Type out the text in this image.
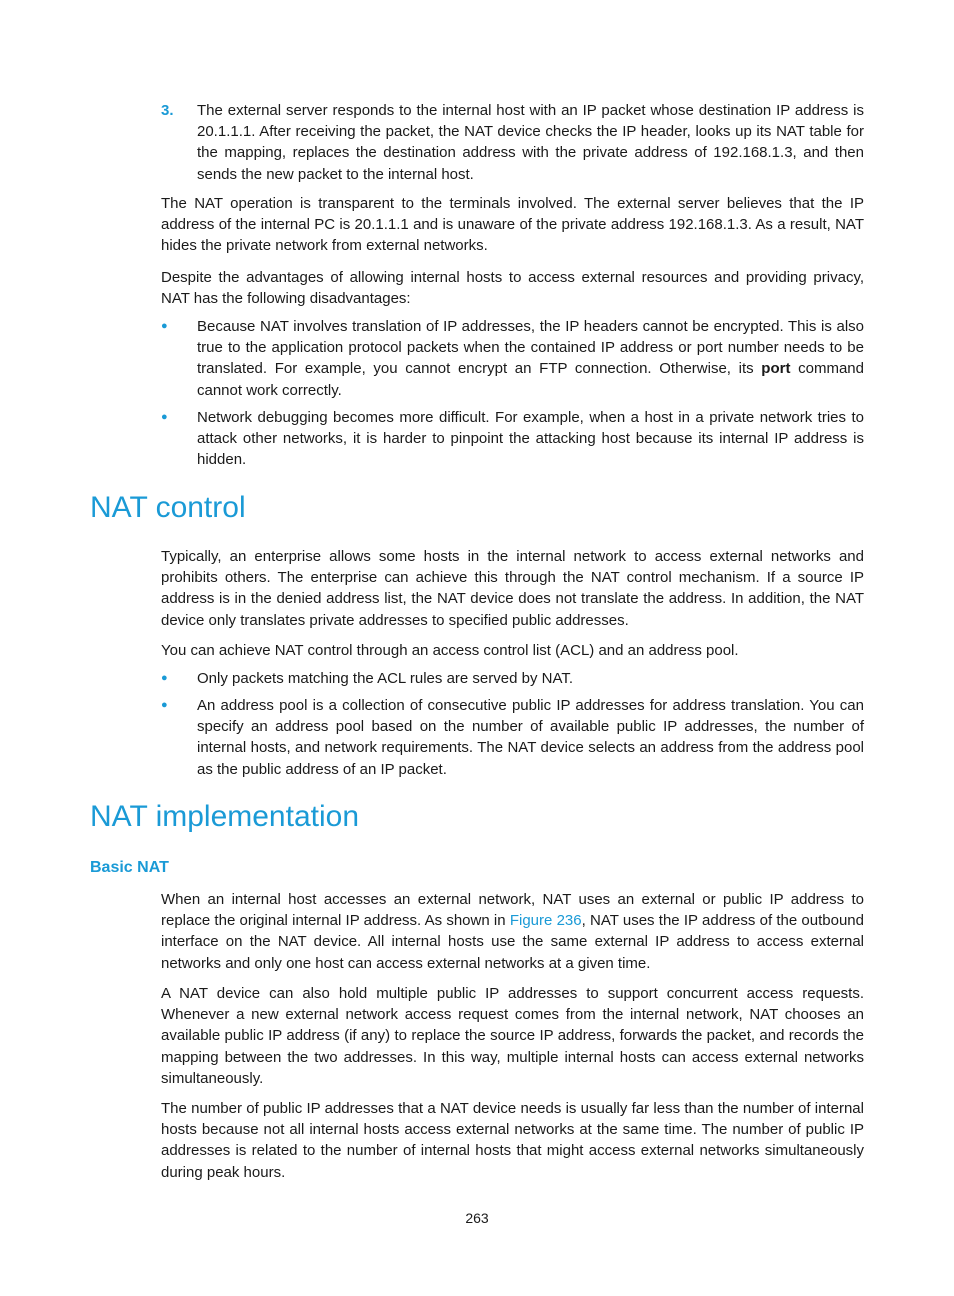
3.	The external server responds to the internal host with an IP packet whose destination IP address is 20.1.1.1. After receiving the packet, the NAT device checks the IP header, looks up its NAT table for the mapping, replaces the destination address with the private address of 192.168.1.3, and then sends the new packet to the internal host.
The NAT operation is transparent to the terminals involved. The external server believes that the IP address of the internal PC is 20.1.1.1 and is unaware of the private address 192.168.1.3. As a result, NAT hides the private network from external networks.
Despite the advantages of allowing internal hosts to access external resources and providing privacy, NAT has the following disadvantages:
●	Because NAT involves translation of IP addresses, the IP headers cannot be encrypted. This is also true to the application protocol packets when the contained IP address or port number needs to be translated. For example, you cannot encrypt an FTP connection. Otherwise, its port command cannot work correctly.
●	Network debugging becomes more difficult. For example, when a host in a private network tries to attack other networks, it is harder to pinpoint the attacking host because its internal IP address is hidden.
NAT control
Typically, an enterprise allows some hosts in the internal network to access external networks and prohibits others. The enterprise can achieve this through the NAT control mechanism. If a source IP address is in the denied address list, the NAT device does not translate the address. In addition, the NAT device only translates private addresses to specified public addresses.
You can achieve NAT control through an access control list (ACL) and an address pool.
●	Only packets matching the ACL rules are served by NAT.
●	An address pool is a collection of consecutive public IP addresses for address translation. You can specify an address pool based on the number of available public IP addresses, the number of internal hosts, and network requirements. The NAT device selects an address from the address pool as the public address of an IP packet.
NAT implementation
Basic NAT
When an internal host accesses an external network, NAT uses an external or public IP address to replace the original internal IP address. As shown in Figure 236, NAT uses the IP address of the outbound interface on the NAT device. All internal hosts use the same external IP address to access external networks and only one host can access external networks at a given time.
A NAT device can also hold multiple public IP addresses to support concurrent access requests. Whenever a new external network access request comes from the internal network, NAT chooses an available public IP address (if any) to replace the source IP address, forwards the packet, and records the mapping between the two addresses. In this way, multiple internal hosts can access external networks simultaneously.
The number of public IP addresses that a NAT device needs is usually far less than the number of internal hosts because not all internal hosts access external networks at the same time. The number of public IP addresses is related to the number of internal hosts that might access external networks simultaneously during peak hours.
263
